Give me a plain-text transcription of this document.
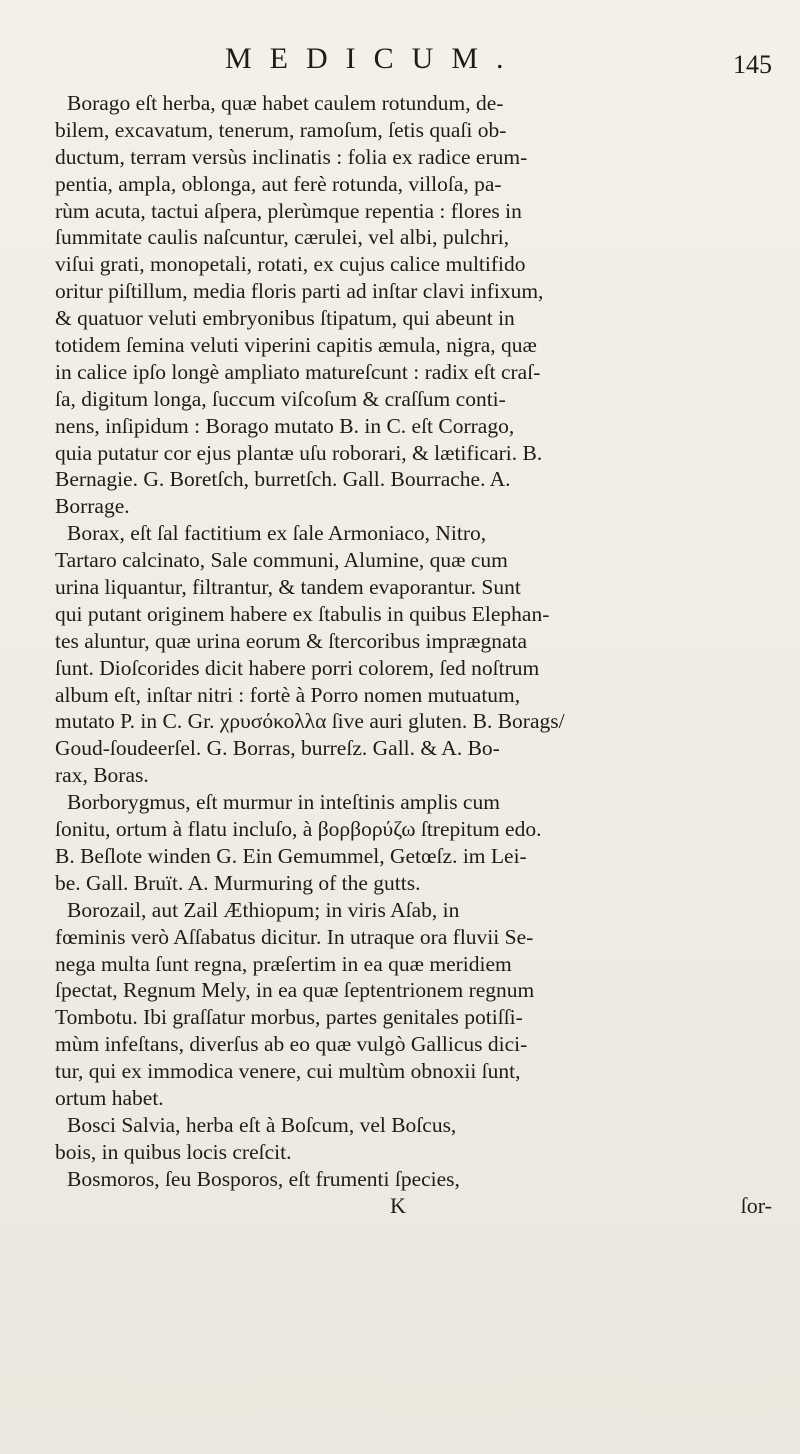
MEDICUM.	145
Borago eſt herba, quæ habet caulem rotundum, de-
bilem, excavatum, tenerum, ramoſum, ſetis quaſi ob-
ductum, terram versùs inclinatis : folia ex radice erum-
pentia, ampla, oblonga, aut ferè rotunda, villoſa, pa-
rùm acuta, tactui aſpera, plerùmque repentia : flores in
ſummitate caulis naſcuntur, cærulei, vel albi, pulchri,
viſui grati, monopetali, rotati, ex cujus calice multifido
oritur piſtillum, media floris parti ad inſtar clavi infixum,
& quatuor veluti embryonibus ſtipatum, qui abeunt in
totidem ſemina veluti viperini capitis æmula, nigra, quæ
in calice ipſo longè ampliato matureſcunt : radix eſt craſ-
ſa, digitum longa, ſuccum viſcoſum & craſſum conti-
nens, inſipidum : Borago mutato B. in C. eſt Corrago,
quia putatur cor ejus plantæ uſu roborari, & lætificari. B.
Bernagie. G. Boretſch, burretſch. Gall. Bourrache. A.
Borrage.
Borax, eſt ſal factitium ex ſale Armoniaco, Nitro,
Tartaro calcinato, Sale communi, Alumine, quæ cum
urina liquantur, filtrantur, & tandem evaporantur. Sunt
qui putant originem habere ex ſtabulis in quibus Elephan-
tes aluntur, quæ urina eorum & ſtercoribus imprægnata
ſunt. Dioſcorides dicit habere porri colorem, ſed noſtrum
album eſt, inſtar nitri : fortè à Porro nomen mutuatum,
mutato P. in C. Gr. χρυσόκολλα ſive auri gluten. B. Borags/
Goud-ſoudeerſel. G. Borras, burreſz. Gall. & A. Bo-
rax, Boras.
Borborygmus, eſt murmur in inteſtinis amplis cum
ſonitu, ortum à flatu incluſo, à βορβορύζω ſtrepitum edo.
B. Beſlote winden G. Ein Gemummel, Getœſz. im Lei-
be. Gall. Bruït. A. Murmuring of the gutts.
Borozail, aut Zail Æthiopum; in viris Aſab, in
fœminis verò Aſſabatus dicitur. In utraque ora fluvii Se-
nega multa ſunt regna, præſertim in ea quæ meridiem
ſpectat, Regnum Mely, in ea quæ ſeptentrionem regnum
Tombotu. Ibi graſſatur morbus, partes genitales potiſſi-
mùm infeſtans, diverſus ab eo quæ vulgò Gallicus dici-
tur, qui ex immodica venere, cui multùm obnoxii ſunt,
ortum habet.
Bosci Salvia, herba eſt à Boſcum, vel Boſcus,
bois, in quibus locis creſcit.
Bosmoros, ſeu Bosporos, eſt frumenti ſpecies,
K	ſor-
